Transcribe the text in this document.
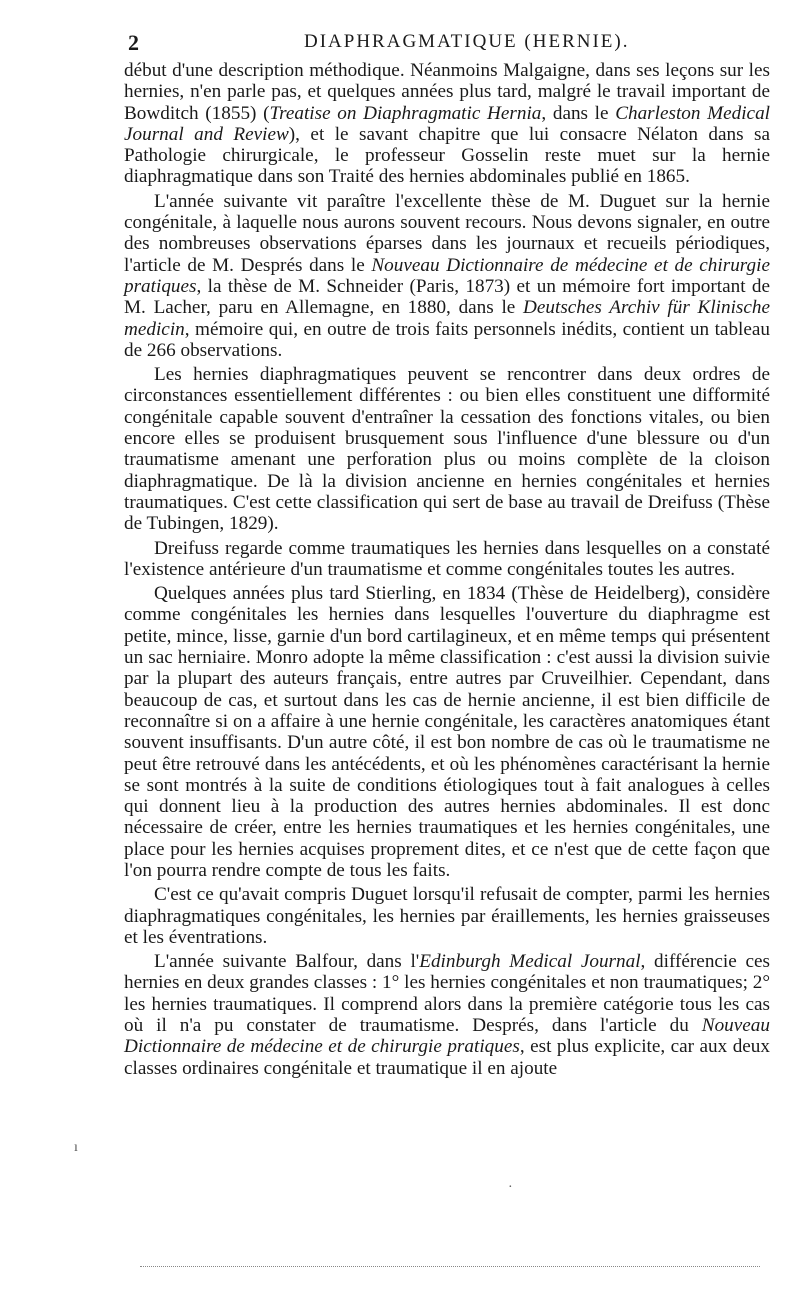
2	DIAPHRAGMATIQUE (HERNIE).

début d'une description méthodique. Néanmoins Malgaigne, dans ses leçons sur les hernies, n'en parle pas, et quelques années plus tard, malgré le travail important de Bowditch (1855) (Treatise on Diaphragmatic Hernia, dans le Charleston Medical Journal and Review), et le savant chapitre que lui consacre Nélaton dans sa Pathologie chirurgicale, le professeur Gosselin reste muet sur la hernie diaphragmatique dans son Traité des hernies abdominales publié en 1865.

L'année suivante vit paraître l'excellente thèse de M. Duguet sur la hernie congénitale, à laquelle nous aurons souvent recours. Nous devons signaler, en outre des nombreuses observations éparses dans les journaux et recueils périodiques, l'article de M. Després dans le Nouveau Dictionnaire de médecine et de chirurgie pratiques, la thèse de M. Schneider (Paris, 1873) et un mémoire fort important de M. Lacher, paru en Allemagne, en 1880, dans le Deutsches Archiv für Klinische medicin, mémoire qui, en outre de trois faits personnels inédits, contient un tableau de 266 observations.

Les hernies diaphragmatiques peuvent se rencontrer dans deux ordres de circonstances essentiellement différentes : ou bien elles constituent une difformité congénitale capable souvent d'entraîner la cessation des fonctions vitales, ou bien encore elles se produisent brusquement sous l'influence d'une blessure ou d'un traumatisme amenant une perforation plus ou moins complète de la cloison diaphragmatique. De là la division ancienne en hernies congénitales et hernies traumatiques. C'est cette classification qui sert de base au travail de Dreifuss (Thèse de Tubingen, 1829).

Dreifuss regarde comme traumatiques les hernies dans lesquelles on a constaté l'existence antérieure d'un traumatisme et comme congénitales toutes les autres.

Quelques années plus tard Stierling, en 1834 (Thèse de Heidelberg), considère comme congénitales les hernies dans lesquelles l'ouverture du diaphragme est petite, mince, lisse, garnie d'un bord cartilagineux, et en même temps qui présentent un sac herniaire. Monro adopte la même classification : c'est aussi la division suivie par la plupart des auteurs français, entre autres par Cruveilhier. Cependant, dans beaucoup de cas, et surtout dans les cas de hernie ancienne, il est bien difficile de reconnaître si on a affaire à une hernie congénitale, les caractères anatomiques étant souvent insuffisants. D'un autre côté, il est bon nombre de cas où le traumatisme ne peut être retrouvé dans les antécédents, et où les phénomènes caractérisant la hernie se sont montrés à la suite de conditions étiologiques tout à fait analogues à celles qui donnent lieu à la production des autres hernies abdominales. Il est donc nécessaire de créer, entre les hernies traumatiques et les hernies congénitales, une place pour les hernies acquises proprement dites, et ce n'est que de cette façon que l'on pourra rendre compte de tous les faits.

C'est ce qu'avait compris Duguet lorsqu'il refusait de compter, parmi les hernies diaphragmatiques congénitales, les hernies par éraillements, les hernies graisseuses et les éventrations.

L'année suivante Balfour, dans l'Edinburgh Medical Journal, différencie ces hernies en deux grandes classes : 1° les hernies congénitales et non traumatiques; 2° les hernies traumatiques. Il comprend alors dans la première catégorie tous les cas où il n'a pu constater de traumatisme. Després, dans l'article du Nouveau Dictionnaire de médecine et de chirurgie pratiques, est plus explicite, car aux deux classes ordinaires congénitale et traumatique il en ajoute

ı
·
